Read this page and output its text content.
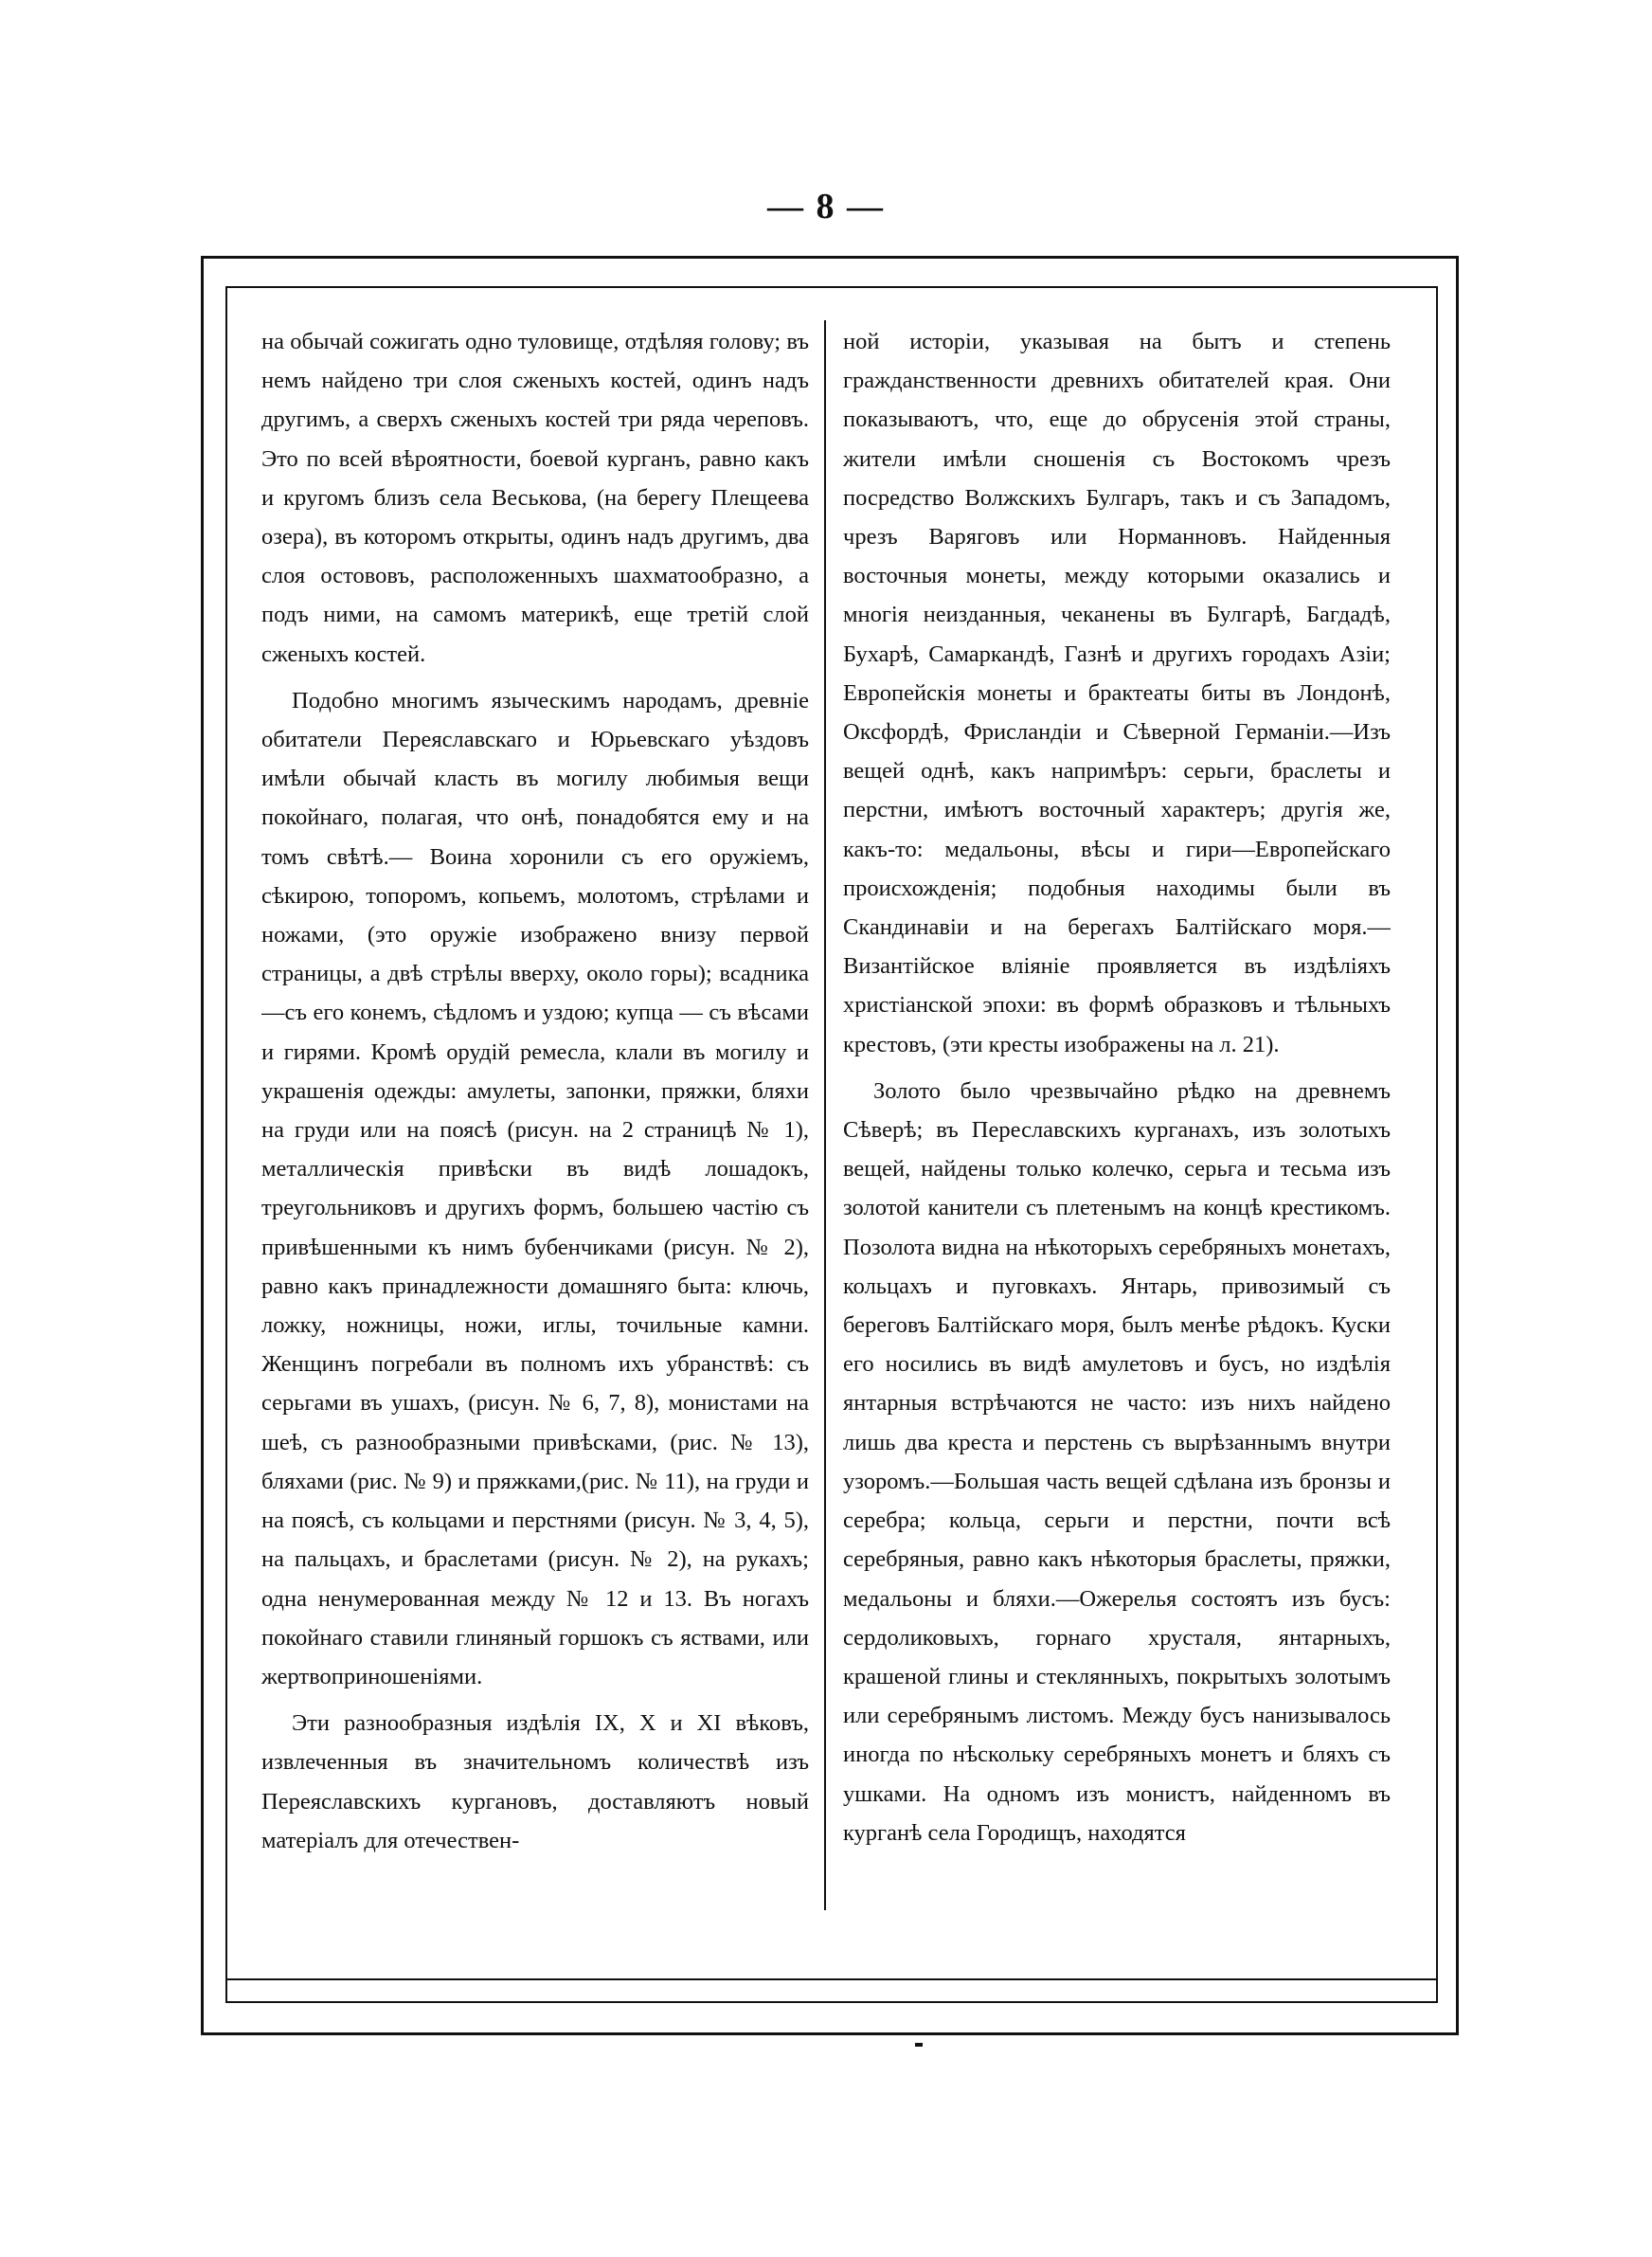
— 8 —

на обычай сожигать одно туловище, отдѣляя голову; въ немъ найдено три слоя сженыхъ костей, одинъ надъ другимъ, а сверхъ сженыхъ костей три ряда череповъ. Это по всей вѣроятности, боевой курганъ, равно какъ и кругомъ близъ села Веськова, (на берегу Плещеева озера), въ которомъ открыты, одинъ надъ другимъ, два слоя остововъ, расположенныхъ шахматообразно, а подъ ними, на самомъ материкѣ, еще третій слой сженыхъ костей.

Подобно многимъ языческимъ народамъ, древніе обитатели Переяславскаго и Юрьевскаго уѣздовъ имѣли обычай класть въ могилу любимыя вещи покойнаго, полагая, что онѣ, понадобятся ему и на томъ свѣтѣ.— Воина хоронили съ его оружіемъ, сѣкирою, топоромъ, копьемъ, молотомъ, стрѣлами и ножами, (это оружіе изображено внизу первой страницы, а двѣ стрѣлы вверху, около горы); всадника—съ его конемъ, сѣдломъ и уздою; купца — съ вѣсами и гирями. Кромѣ орудій ремесла, клали въ могилу и украшенія одежды: амулеты, запонки, пряжки, бляхи на груди или на поясѣ (рисун. на 2 страницѣ № 1), металлическія привѣски въ видѣ лошадокъ, треугольниковъ и другихъ формъ, большею частію съ привѣшенными къ нимъ бубенчиками (рисун. № 2), равно какъ принадлежности домашняго быта: ключь, ложку, ножницы, ножи, иглы, точильные камни. Женщинъ погребали въ полномъ ихъ убранствѣ: съ серьгами въ ушахъ, (рисун. № 6, 7, 8), монистами на шеѣ, съ разнообразными привѣсками, (рис. № 13), бляхами (рис. № 9) и пряжками,(рис. № 11), на груди и на поясѣ, съ кольцами и перстнями (рисун. № 3, 4, 5), на пальцахъ, и браслетами (рисун. № 2), на рукахъ; одна ненумерованная между № 12 и 13. Въ ногахъ покойнаго ставили глиняный горшокъ съ яствами, или жертвоприношеніями.

Эти разнообразныя издѣлія IX, X и XI вѣковъ, извлеченныя въ значительномъ количествѣ изъ Переяславскихъ кургановъ, доставляютъ новый матеріалъ для отечествен-

ной исторіи, указывая на бытъ и степень гражданственности древнихъ обитателей края. Они показываютъ, что, еще до обрусенія этой страны, жители имѣли сношенія съ Востокомъ чрезъ посредство Волжскихъ Булгаръ, такъ и съ Западомъ, чрезъ Варяговъ или Норманновъ. Найденныя восточныя монеты, между которыми оказались и многія неизданныя, чеканены въ Булгарѣ, Багдадѣ, Бухарѣ, Самаркандѣ, Газнѣ и другихъ городахъ Азіи; Европейскія монеты и брактеаты биты въ Лондонѣ, Оксфордѣ, Фрисландіи и Сѣверной Германіи.—Изъ вещей однѣ, какъ напримѣръ: серьги, браслеты и перстни, имѣютъ восточный характеръ; другія же, какъ-то: медальоны, вѣсы и гири—Европейскаго происхожденія; подобныя находимы были въ Скандинавіи и на берегахъ Балтійскаго моря.— Византійское вліяніе проявляется въ издѣліяхъ христіанской эпохи: въ формѣ образковъ и тѣльныхъ крестовъ, (эти кресты изображены на л. 21).

Золото было чрезвычайно рѣдко на древнемъ Сѣверѣ; въ Переславскихъ курганахъ, изъ золотыхъ вещей, найдены только колечко, серьга и тесьма изъ золотой канители съ плетенымъ на концѣ крестикомъ. Позолота видна на нѣкоторыхъ серебряныхъ монетахъ, кольцахъ и пуговкахъ. Янтарь, привозимый съ береговъ Балтійскаго моря, былъ менѣе рѣдокъ. Куски его носились въ видѣ амулетовъ и бусъ, но издѣлія янтарныя встрѣчаются не часто: изъ нихъ найдено лишь два креста и перстень съ вырѣзаннымъ внутри узоромъ.—Большая часть вещей сдѣлана изъ бронзы и серебра; кольца, серьги и перстни, почти всѣ серебряныя, равно какъ нѣкоторыя браслеты, пряжки, медальоны и бляхи.—Ожерелья состоятъ изъ бусъ: сердоликовыхъ, горнаго хрусталя, янтарныхъ, крашеной глины и стеклянныхъ, покрытыхъ золотымъ или серебрянымъ листомъ. Между бусъ нанизывалось иногда по нѣскольку серебряныхъ монетъ и бляхъ съ ушками. На одномъ изъ монистъ, найденномъ въ курганѣ села Городищъ, находятся
